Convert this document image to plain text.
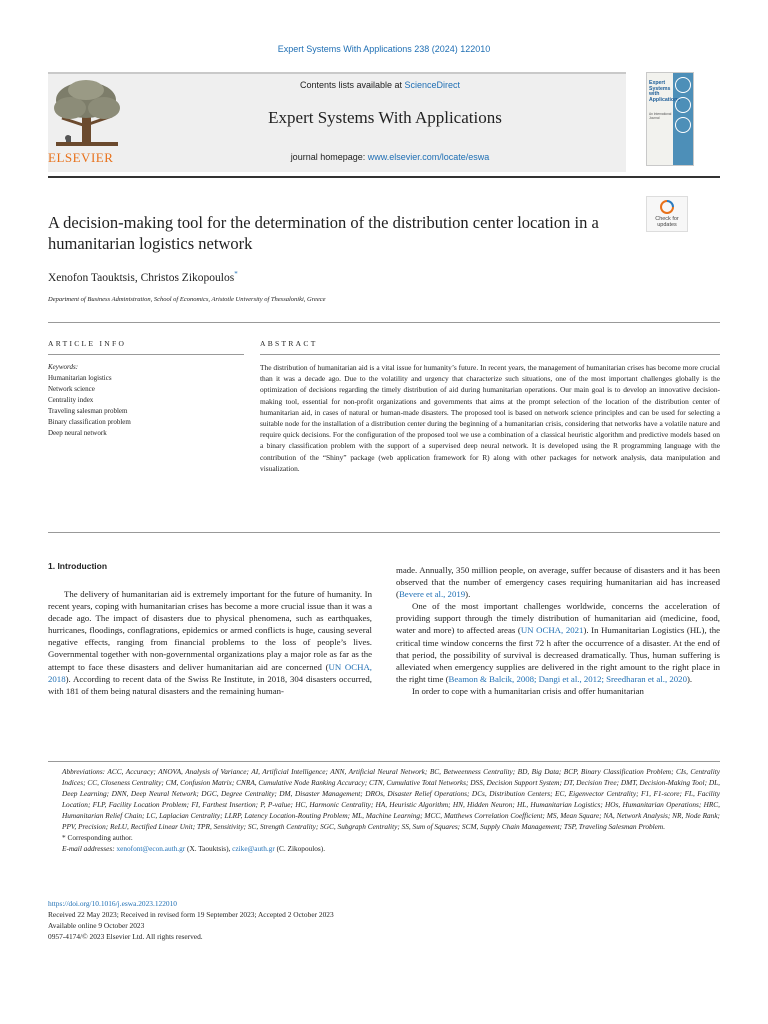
Expert Systems With Applications 238 (2024) 122010
ELSEVIER
Contents lists available at ScienceDirect
Expert Systems With Applications
journal homepage: www.elsevier.com/locate/eswa
Expert Systems with Applications
An International Journal
A decision-making tool for the determination of the distribution center location in a humanitarian logistics network
Check for
updates
Xenofon Taouktsis, Christos Zikopoulos*
Department of Business Administration, School of Economics, Aristotle University of Thessaloniki, Greece
ARTICLE INFO	ABSTRACT
Keywords:
Humanitarian logistics
Network science
Centrality index
Traveling salesman problem
Binary classification problem
Deep neural network
The distribution of humanitarian aid is a vital issue for humanity’s future. In recent years, the management of humanitarian crises has become more crucial than it was a decade ago. Due to the volatility and urgency that characterize such situations, one of the most important challenges globally is the optimization of decisions regarding the timely distribution of aid during humanitarian operations. Our main goal is to develop an innovative decision-making tool, essential for non-profit organizations and governments that aims at the prompt selection of the location of the distribution center of humanitarian aid, in cases of natural or human-made disasters. The proposed tool is based on network science principles and can be used for selecting a suitable node for the installation of a distribution center during the beginning of a humanitarian crisis, considering that networks have a volatile nature and require quick decisions. For the configuration of the proposed tool we use a combination of a classical heuristic algorithm and predictive models based on a binary classification problem with the support of a supervised deep neural network. It is developed using the R programming language with the contribution of the “Shiny” package (web application framework for R) along with other packages for network analysis, data manipulation and visualization.
1. Introduction

The delivery of humanitarian aid is extremely important for the future of humanity. In recent years, coping with humanitarian crises has become a more crucial issue than it was a decade ago. The impact of disasters due to physical phenomena, such as earthquakes, hurricanes, floodings, conflagrations, epidemics or armed conflicts is huge, causing several negative effects, ranging from financial problems to the loss of people’s lives. Governmental together with non-governmental organizations play a major role as far as the attempt to face these disasters and deliver humanitarian aid are concerned (UN OCHA, 2018). According to recent data of the Swiss Re Institute, in 2018, 304 disasters occurred, with 181 of them being natural disasters and the remaining human-

made. Annually, 350 million people, on average, suffer because of disasters and it has been observed that the number of emergency cases requiring humanitarian aid has increased (Bevere et al., 2019).

One of the most important challenges worldwide, concerns the acceleration of providing support through the timely distribution of humanitarian aid (medicine, food, water and more) to affected areas (UN OCHA, 2021). In Humanitarian Logistics (HL), the critical time window concerns the first 72 h after the occurrence of a disaster. At the end of that period, the possibility of survival is decreased dramatically. Thus, human suffering is alleviated when emergency supplies are delivered in the right amount to the right place in the right time (Beamon & Balcik, 2008; Dangi et al., 2012; Sreedharan et al., 2020).

In order to cope with a humanitarian crisis and offer humanitarian

Abbreviations: ACC, Accuracy; ANOVA, Analysis of Variance; AI, Artificial Intelligence; ANN, Artificial Neural Network; BC, Betweenness Centrality; BD, Big Data; BCP, Binary Classification Problem; CIs, Centrality Indices; CC, Closeness Centrality; CM, Confusion Matrix; CNRA, Cumulative Node Ranking Accuracy; CTN, Cumulative Total Networks; DSS, Decision Support System; DT, Decision Tree; DMT, Decision-Making Tool; DL, Deep Learning; DNN, Deep Neural Network; DGC, Degree Centrality; DM, Disaster Management; DROs, Disaster Relief Operations; DCs, Distribution Centers; EC, Eigenvector Centrality; F1, F1-score; FL, Facility Location; FLP, Facility Location Problem; FI, Farthest Insertion; P, P-value; HC, Harmonic Centrality; HA, Heuristic Algorithm; HN, Hidden Neuron; HL, Humanitarian Logistics; HOs, Humanitarian Operations; HRC, Humanitarian Relief Chain; LC, Laplacian Centrality; LLRP, Latency Location-Routing Problem; ML, Machine Learning; MCC, Matthews Correlation Coefficient; MS, Mean Square; NA, Network Analysis; NR, Node Rank; PPV, Precision; ReLU, Rectified Linear Unit; TPR, Sensitivity; SC, Strength Centrality; SGC, Subgraph Centrality; SS, Sum of Squares; SCM, Supply Chain Management; TSP, Traveling Salesman Problem.

* Corresponding author.

E-mail addresses: xenofont@econ.auth.gr (X. Taouktsis), czike@auth.gr (C. Zikopoulos).

https://doi.org/10.1016/j.eswa.2023.122010
Received 22 May 2023; Received in revised form 19 September 2023; Accepted 2 October 2023
Available online 9 October 2023
0957-4174/© 2023 Elsevier Ltd. All rights reserved.
